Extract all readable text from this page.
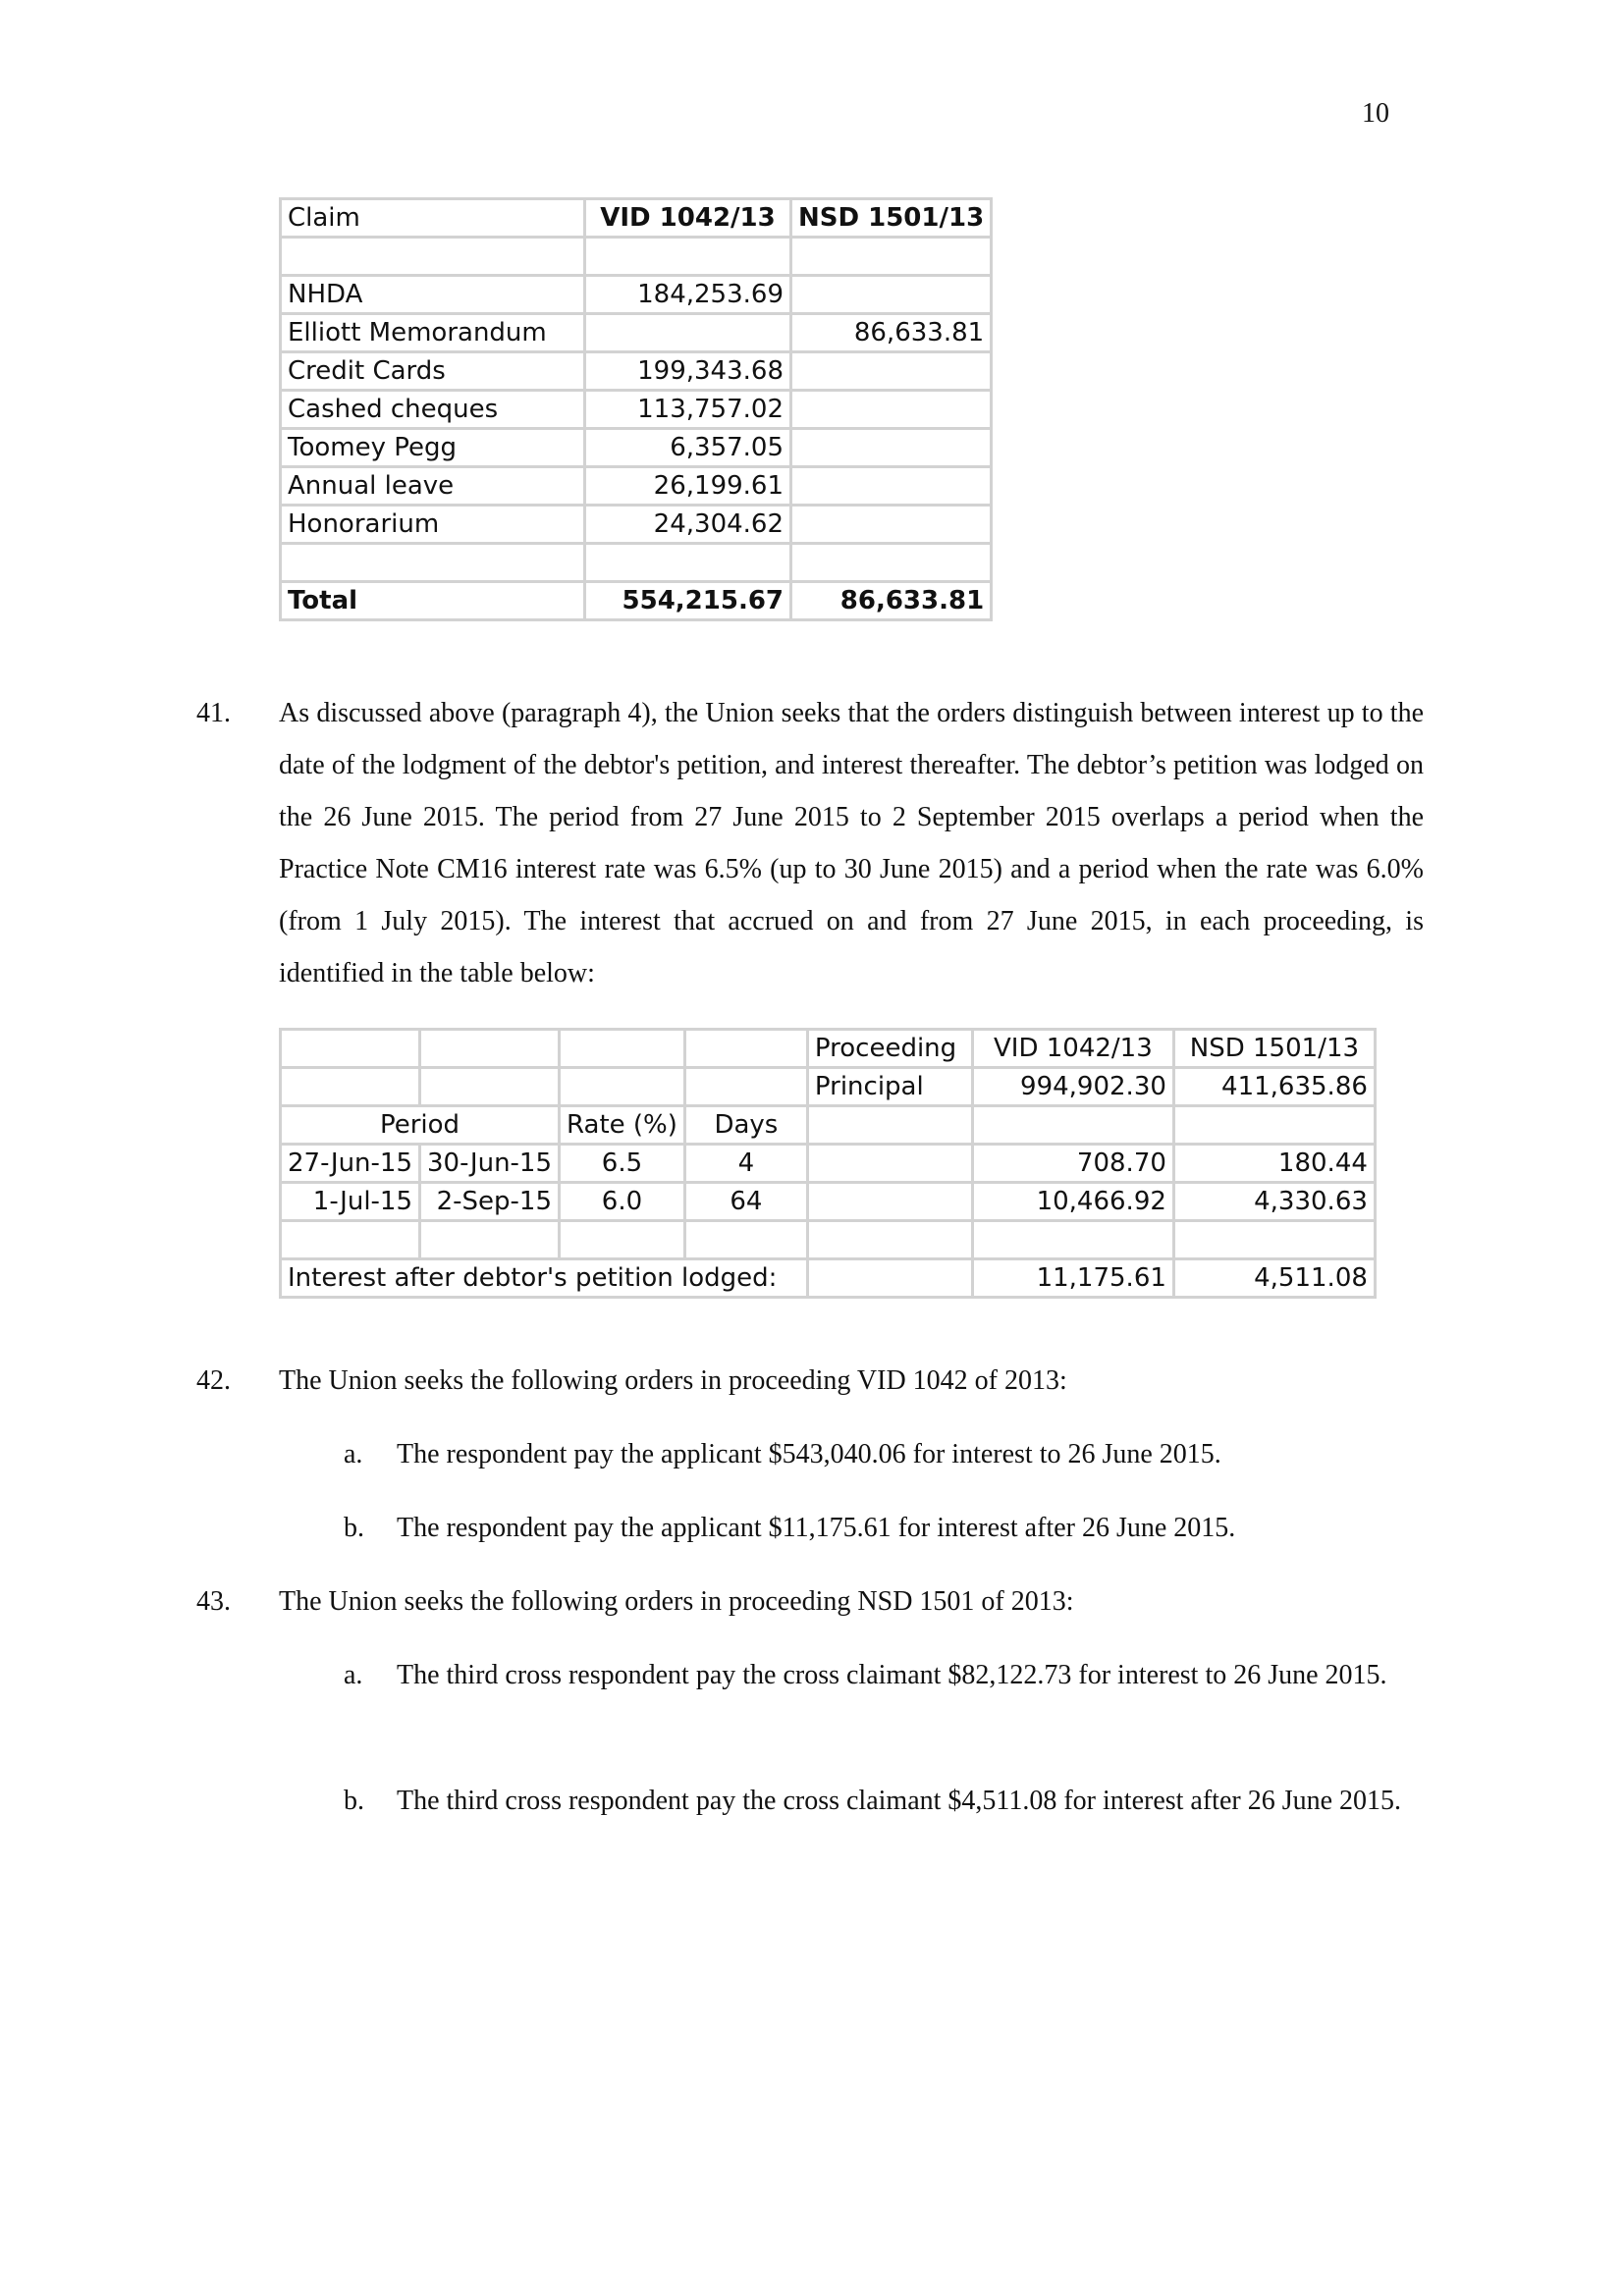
10
Claim	VID 1042/13	NSD 1501/13

NHDA	184,253.69	
Elliott Memorandum		86,633.81
Credit Cards	199,343.68	
Cashed cheques	113,757.02	
Toomey Pegg	6,357.05	
Annual leave	26,199.61	
Honorarium	24,304.62	

Total	554,215.67	86,633.81
41. As discussed above (paragraph 4), the Union seeks that the orders distinguish between interest up to the date of the lodgment of the debtor's petition, and interest thereafter. The debtor’s petition was lodged on the 26 June 2015. The period from 27 June 2015 to 2 September 2015 overlaps a period when the Practice Note CM16 interest rate was 6.5% (up to 30 June 2015) and a period when the rate was 6.0% (from 1 July 2015). The interest that accrued on and from 27 June 2015, in each proceeding, is identified in the table below:
				Proceeding	VID 1042/13	NSD 1501/13
				Principal	994,902.30	411,635.86
Period		Rate (%)	Days			
27-Jun-15	30-Jun-15	6.5	4		708.70	180.44
1-Jul-15	2-Sep-15	6.0	64		10,466.92	4,330.63

Interest after debtor's petition lodged:					11,175.61	4,511.08
42. The Union seeks the following orders in proceeding VID 1042 of 2013:
a. The respondent pay the applicant $543,040.06 for interest to 26 June 2015.
b. The respondent pay the applicant $11,175.61 for interest after 26 June 2015.
43. The Union seeks the following orders in proceeding NSD 1501 of 2013:
a. The third cross respondent pay the cross claimant $82,122.73 for interest to 26 June 2015.
b. The third cross respondent pay the cross claimant $4,511.08 for interest after 26 June 2015.
